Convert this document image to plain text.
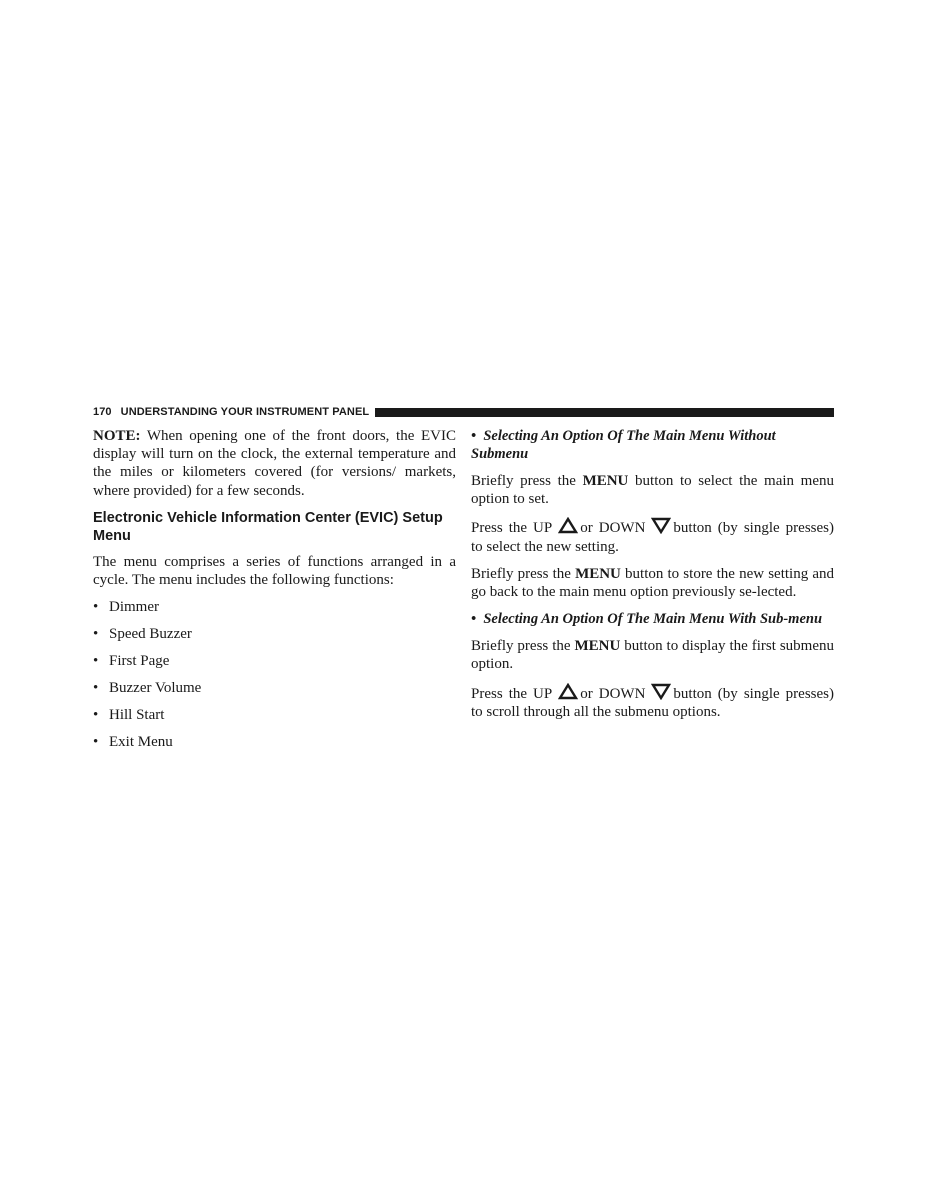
170 UNDERSTANDING YOUR INSTRUMENT PANEL

NOTE: When opening one of the front doors, the EVIC display will turn on the clock, the external temperature and the miles or kilometers covered (for versions/ markets, where provided) for a few seconds.

Electronic Vehicle Information Center (EVIC) Setup Menu

The menu comprises a series of functions arranged in a cycle. The menu includes the following functions:

• Dimmer
• Speed Buzzer
• First Page
• Buzzer Volume
• Hill Start
• Exit Menu
• Selecting An Option Of The Main Menu Without Submenu

Briefly press the MENU button to select the main menu option to set.

Press the UP or DOWN button (by single presses) to select the new setting.

Briefly press the MENU button to store the new setting and go back to the main menu option previously se-lected.

• Selecting An Option Of The Main Menu With Sub-menu

Briefly press the MENU button to display the first submenu option.

Press the UP or DOWN button (by single presses) to scroll through all the submenu options.
